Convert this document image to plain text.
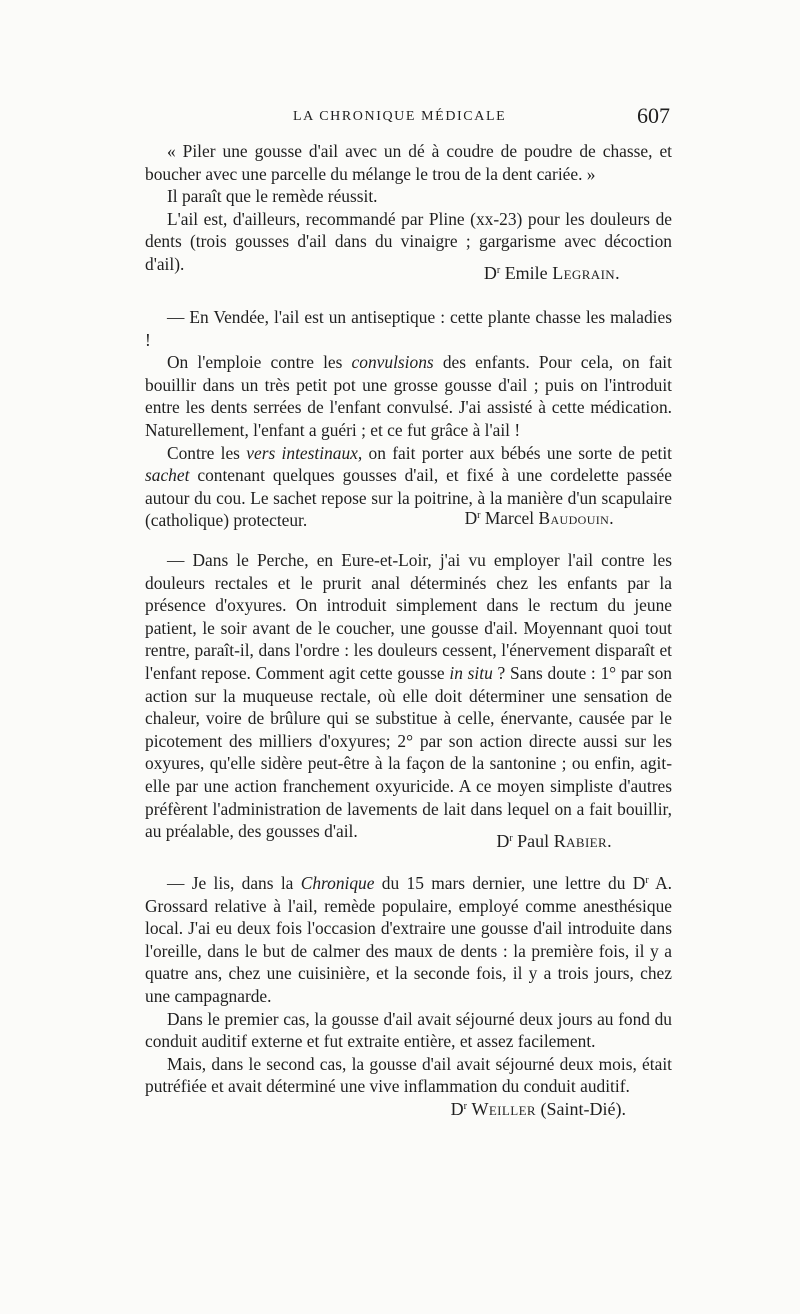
LA CHRONIQUE MÉDICALE	607

« Piler une gousse d'ail avec un dé à coudre de poudre de chasse, et boucher avec une parcelle du mélange le trou de la dent cariée. »

Il paraît que le remède réussit.

L'ail est, d'ailleurs, recommandé par Pline (xx-23) pour les douleurs de dents (trois gousses d'ail dans du vinaigre ; gargarisme avec décoction d'ail).	$D^r$ Emile Legrain.

— En Vendée, l'ail est un antiseptique : cette plante chasse les maladies !

On l'emploie contre les convulsions des enfants. Pour cela, on fait bouillir dans un très petit pot une grosse gousse d'ail ; puis on l'introduit entre les dents serrées de l'enfant convulsé. J'ai assisté à cette médication. Naturellement, l'enfant a guéri ; et ce fut grâce à l'ail !

Contre les vers intestinaux, on fait porter aux bébés une sorte de petit sachet contenant quelques gousses d'ail, et fixé à une cordelette passée autour du cou. Le sachet repose sur la poitrine, à la manière d'un scapulaire (catholique) protecteur.	$D^r$ Marcel Baudouin.

— Dans le Perche, en Eure-et-Loir, j'ai vu employer l'ail contre les douleurs rectales et le prurit anal déterminés chez les enfants par la présence d'oxyures. On introduit simplement dans le rectum du jeune patient, le soir avant de le coucher, une gousse d'ail. Moyennant quoi tout rentre, paraît-il, dans l'ordre : les douleurs cessent, l'énervement disparaît et l'enfant repose. Comment agit cette gousse in situ ? Sans doute : 1° par son action sur la muqueuse rectale, où elle doit déterminer une sensation de chaleur, voire de brûlure qui se substitue à celle, énervante, causée par le picotement des milliers d'oxyures; 2° par son action directe aussi sur les oxyures, qu'elle sidère peut-être à la façon de la santonine ; ou enfin, agit-elle par une action franchement oxyuricide. A ce moyen simpliste d'autres préfèrent l'administration de lavements de lait dans lequel on a fait bouillir, au préalable, des gousses d'ail.	$D^r$ Paul Rabier.

— Je lis, dans la Chronique du 15 mars dernier, une lettre du $D^r$ A. Grossard relative à l'ail, remède populaire, employé comme anesthésique local. J'ai eu deux fois l'occasion d'extraire une gousse d'ail introduite dans l'oreille, dans le but de calmer des maux de dents : la première fois, il y a quatre ans, chez une cuisinière, et la seconde fois, il y a trois jours, chez une campagnarde.

Dans le premier cas, la gousse d'ail avait séjourné deux jours au fond du conduit auditif externe et fut extraite entière, et assez facilement.

Mais, dans le second cas, la gousse d'ail avait séjourné deux mois, était putréfiée et avait déterminé une vive inflammation du conduit auditif.

$D^r$ Weiller (Saint-Dié).
